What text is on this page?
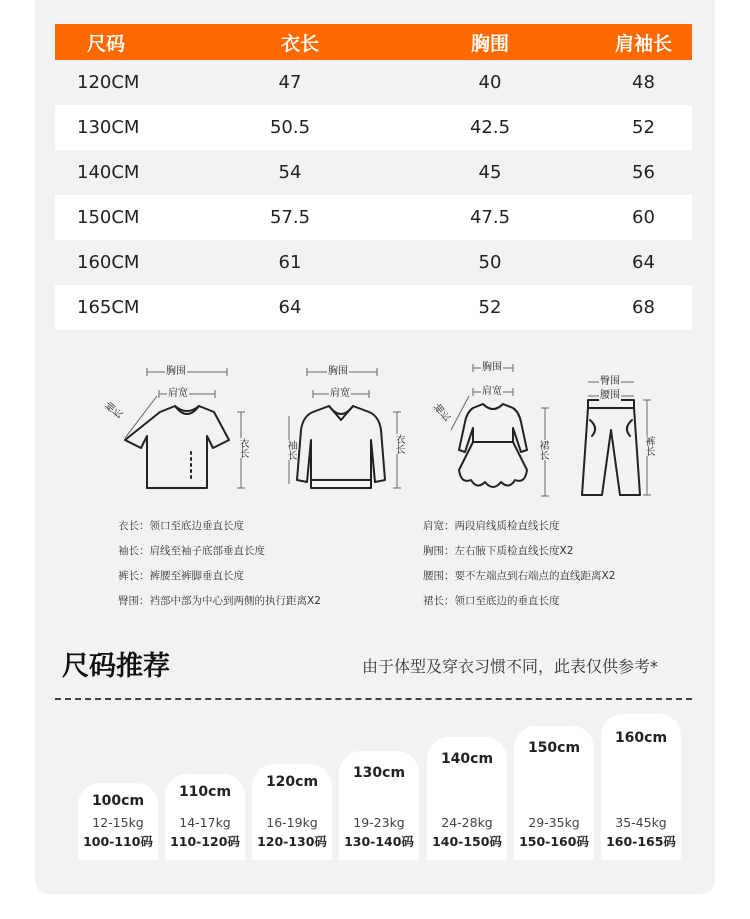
尺码	衣长	胸围	肩袖长
120CM	47	40	48
130CM	50.5	42.5	52
140CM	54	45	56
150CM	57.5	47.5	60
160CM	61	50	64
165CM	64	52	68
胸围
肩宽
袖长
衣长
胸围
肩宽
袖长	衣长
胸围
肩宽
袖长
裙长
臀围
腰围
裤长
衣长：领口至底边垂直长度
袖长：肩线至袖子底部垂直长度
裤长：裤腰至裤脚垂直长度
臀围：裆部中部为中心到两侧的执行距离X2
肩宽：两段肩线质检直线长度
胸围：左右腋下质检直线长度X2
腰围：要不左端点到右端点的直线距离X2
裙长：领口至底边的垂直长度
尺码推荐	由于体型及穿衣习惯不同，此表仅供参考*
100cm
12-15kg
100-110码
110cm
14-17kg
110-120码
120cm
16-19kg
120-130码
130cm
19-23kg
130-140码
140cm
24-28kg
140-150码
150cm
29-35kg
150-160码
160cm
35-45kg
160-165码
